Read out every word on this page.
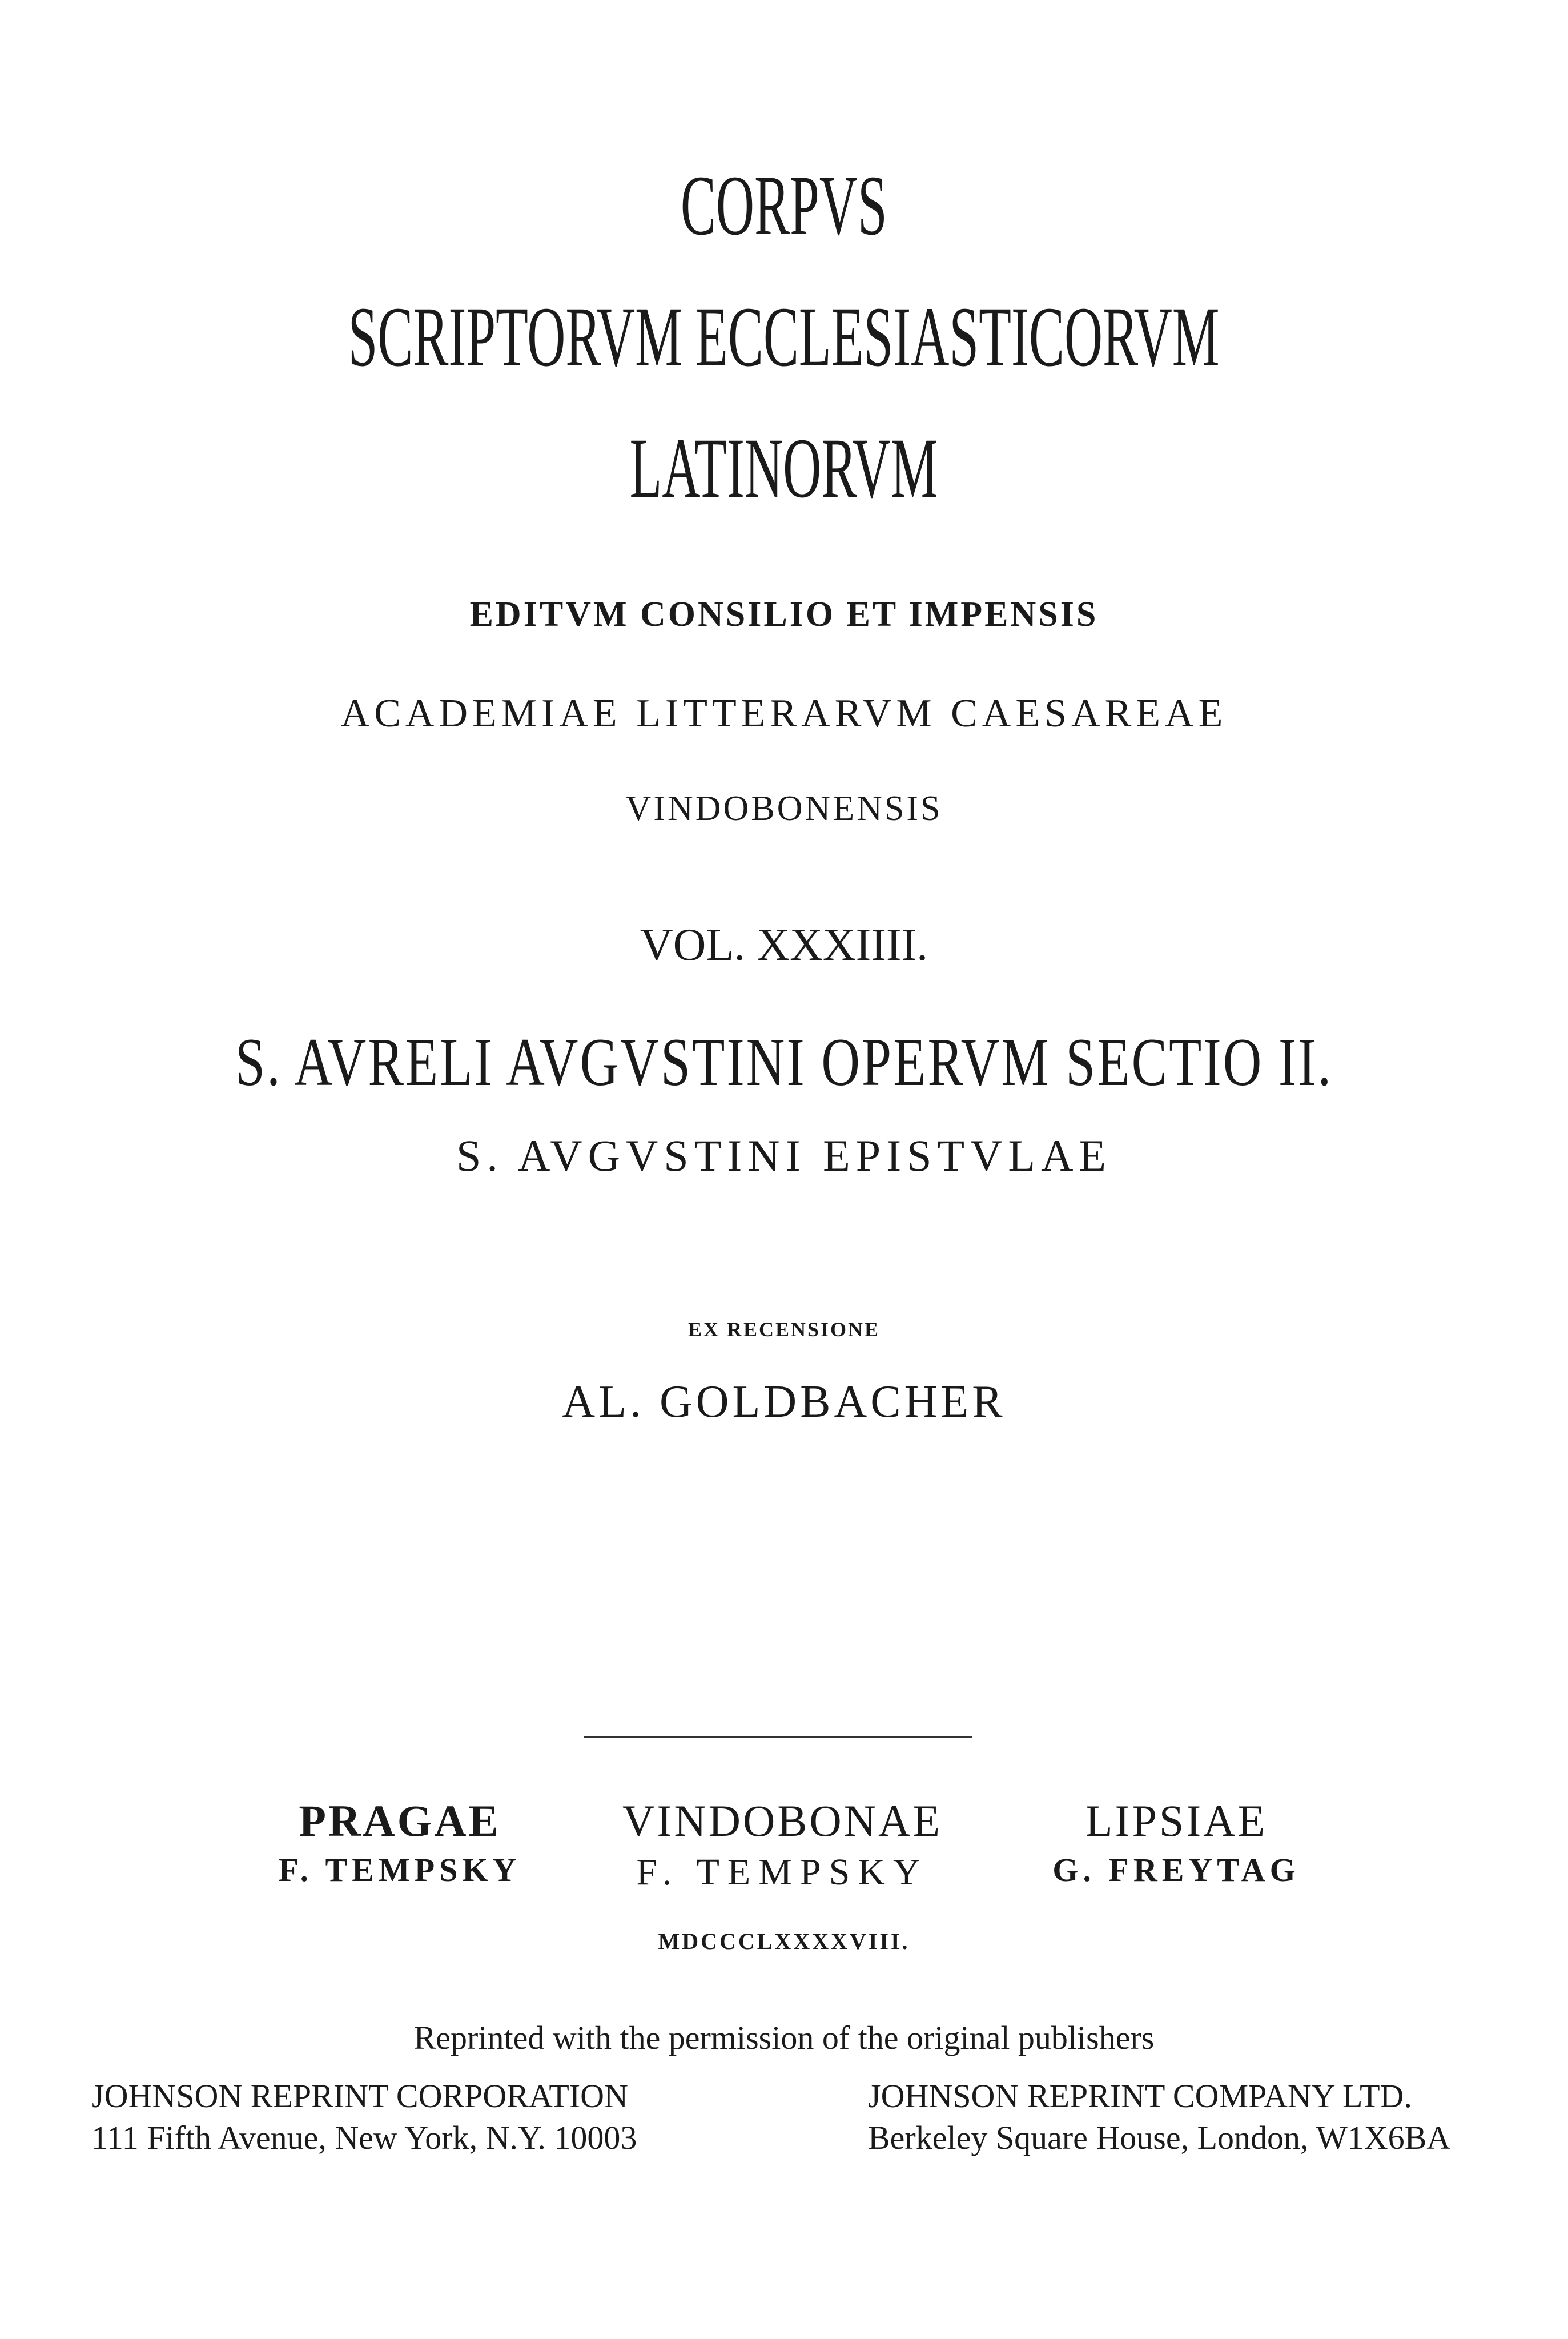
CORPVS
SCRIPTORVM ECCLESIASTICORVM
LATINORVM
EDITVM CONSILIO ET IMPENSIS
ACADEMIAE LITTERARVM CAESAREAE
VINDOBONENSIS
VOL. XXXIIII.
S. AVRELI AVGVSTINI OPERVM SECTIO II.
S. AVGVSTINI EPISTVLAE
EX RECENSIONE
AL. GOLDBACHER
PRAGAE
F. TEMPSKY
VINDOBONAE
F. TEMPSKY
LIPSIAE
G. FREYTAG
MDCCCLXXXXVIII.
Reprinted with the permission of the original publishers
JOHNSON REPRINT CORPORATION
111 Fifth Avenue, New York, N.Y. 10003
JOHNSON REPRINT COMPANY LTD.
Berkeley Square House, London, W1X6BA
